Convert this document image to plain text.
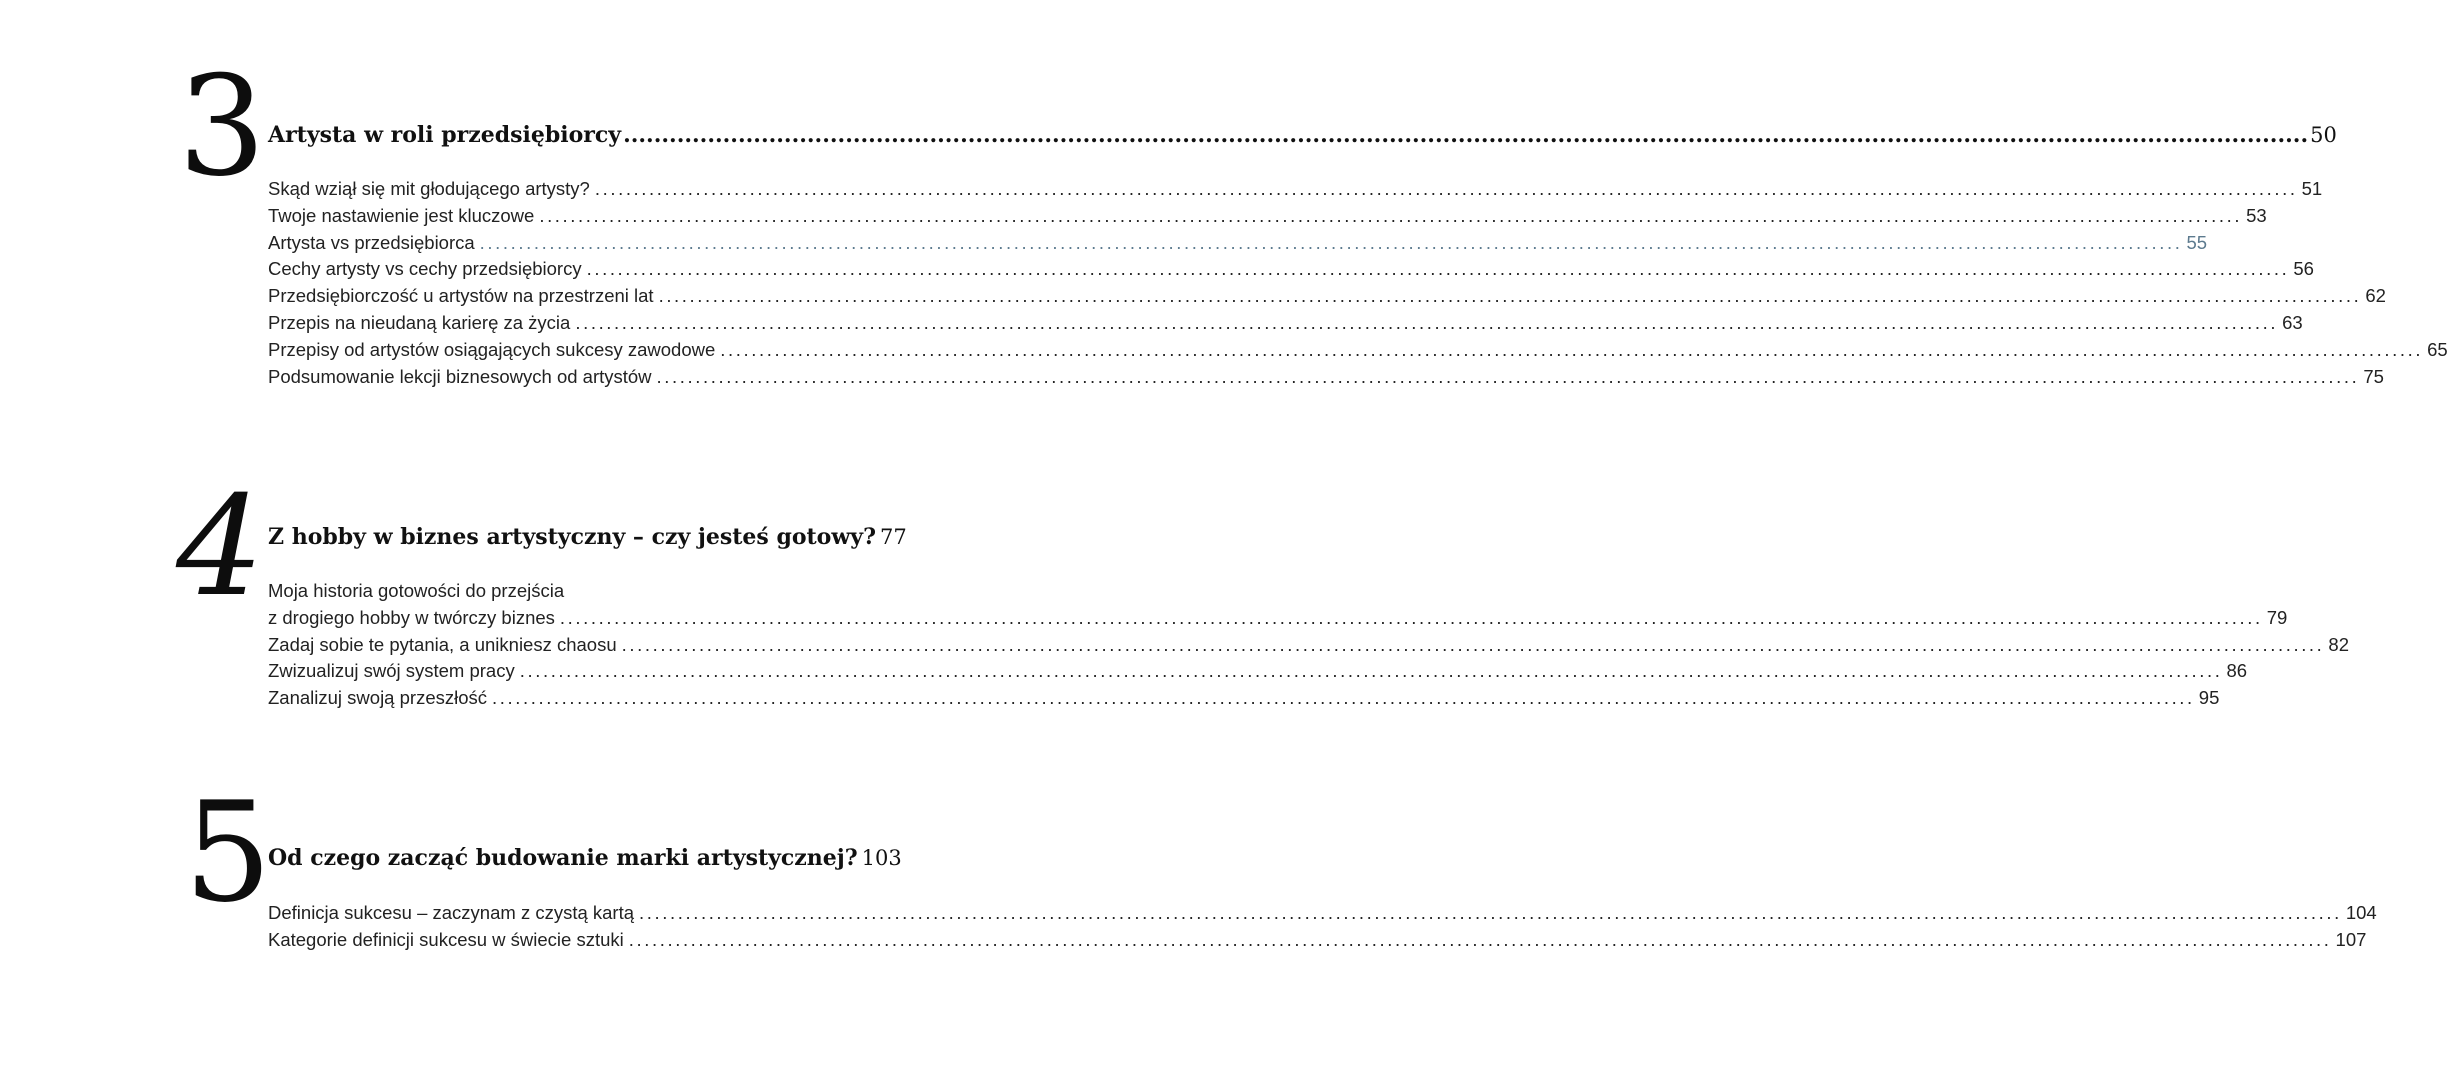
3 Artysta w roli przedsiębiorcy ............................................................................................................................................................................................................................ 50
Skąd wziął się mit głodującego artysty? ............................................................................................................................................................................................................................ 51
Twoje nastawienie jest kluczowe ............................................................................................................................................................................................................................ 53
Artysta vs przedsiębiorca ............................................................................................................................................................................................................................ 55
Cechy artysty vs cechy przedsiębiorcy ............................................................................................................................................................................................................................ 56
Przedsiębiorczość u artystów na przestrzeni lat ............................................................................................................................................................................................................................ 62
Przepis na nieudaną karierę za życia ............................................................................................................................................................................................................................ 63
Przepisy od artystów osiągających sukcesy zawodowe ............................................................................................................................................................................................................................ 65
Podsumowanie lekcji biznesowych od artystów ............................................................................................................................................................................................................................ 75
4 Z hobby w biznes artystyczny – czy jesteś gotowy? 77
Moja historia gotowości do przejścia
z drogiego hobby w twórczy biznes ............................................................................................................................................................................................................................ 79
Zadaj sobie te pytania, a unikniesz chaosu ............................................................................................................................................................................................................................ 82
Zwizualizuj swój system pracy ............................................................................................................................................................................................................................ 86
Zanalizuj swoją przeszłość ............................................................................................................................................................................................................................ 95
5
Od czego zacząć budowanie marki artystycznej? 103
Definicja sukcesu – zaczynam z czystą kartą ............................................................................................................................................................................................................................ 104
Kategorie definicji sukcesu w świecie sztuki ............................................................................................................................................................................................................................ 107
